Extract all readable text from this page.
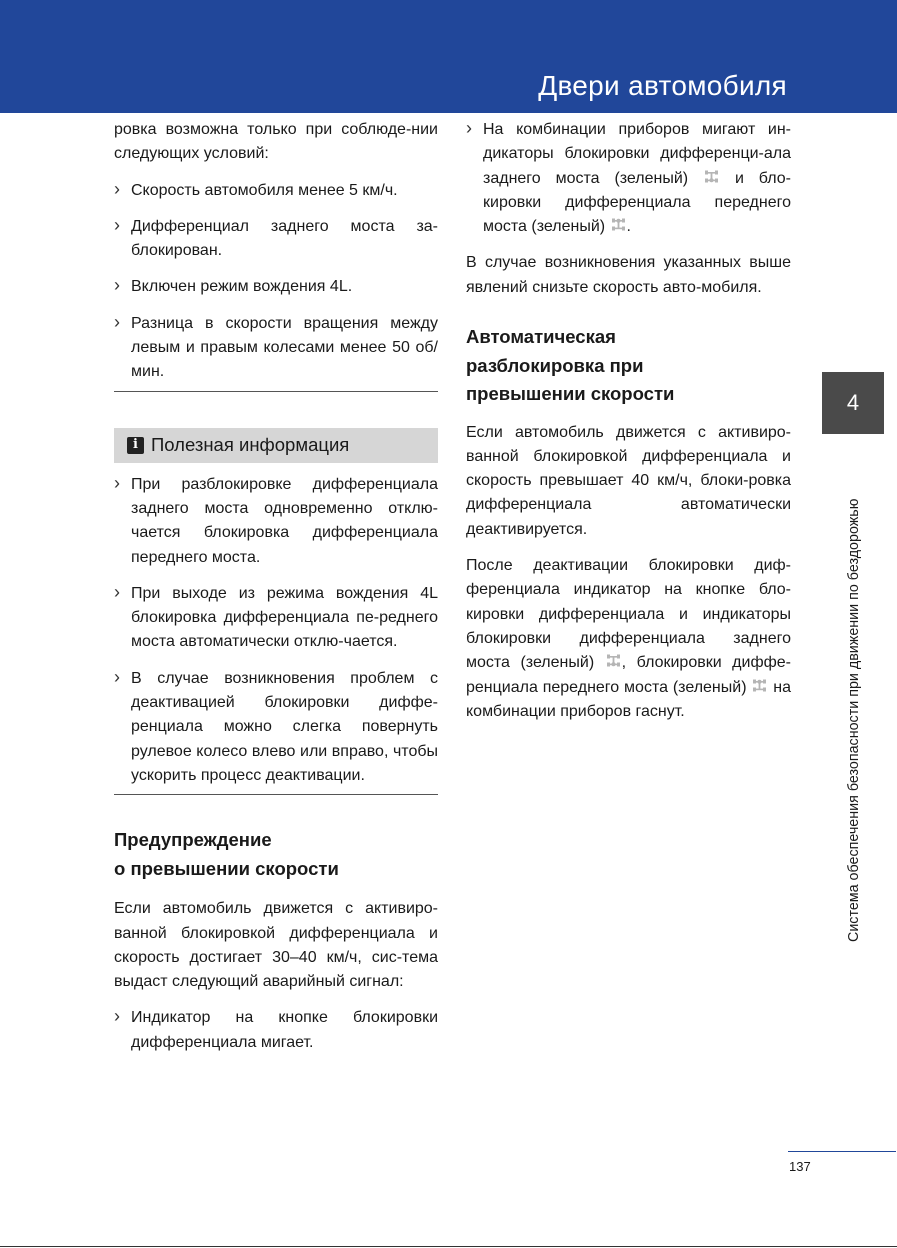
Двери автомобиля

ровка возможна только при соблюде-нии следующих условий:

› Скорость автомобиля менее 5 км/ч.
› Дифференциал заднего моста за-блокирован.
› Включен режим вождения 4L.
› Разница в скорости вращения между левым и правым колесами менее 50 об/мин.
i Полезная информация
› При разблокировке дифференциала заднего моста одновременно отклю-чается блокировка дифференциала переднего моста.
› При выходе из режима вождения 4L блокировка дифференциала пе-реднего моста автоматически отклю-чается.
› В случае возникновения проблем с деактивацией блокировки диффе-ренциала можно слегка повернуть рулевое колесо влево или вправо, чтобы ускорить процесс деактивации.
Предупреждение
о превышении скорости

Если автомобиль движется с активиро-ванной блокировкой дифференциала и скорость достигает 30–40 км/ч, сис-тема выдаст следующий аварийный сигнал:

› Индикатор на кнопке блокировки дифференциала мигает.
› На комбинации приборов мигают ин-дикаторы блокировки дифференци-ала заднего моста (зеленый)	и бло-кировки дифференциала переднего моста (зеленый) .

В случае возникновения указанных выше явлений снизьте скорость авто-мобиля.

Автоматическая
разблокировка при
превышении скорости

Если автомобиль движется с активиро-ванной блокировкой дифференциала и скорость превышает 40 км/ч, блоки-ровка дифференциала автоматически деактивируется.

После деактивации блокировки диф-ференциала индикатор на кнопке бло-кировки дифференциала и индикаторы блокировки дифференциала заднего моста (зеленый) , блокировки диффе-ренциала переднего моста (зеленый) на комбинации приборов гаснут.

4
Система обеспечения безопасности при движении по бездорожью
137
